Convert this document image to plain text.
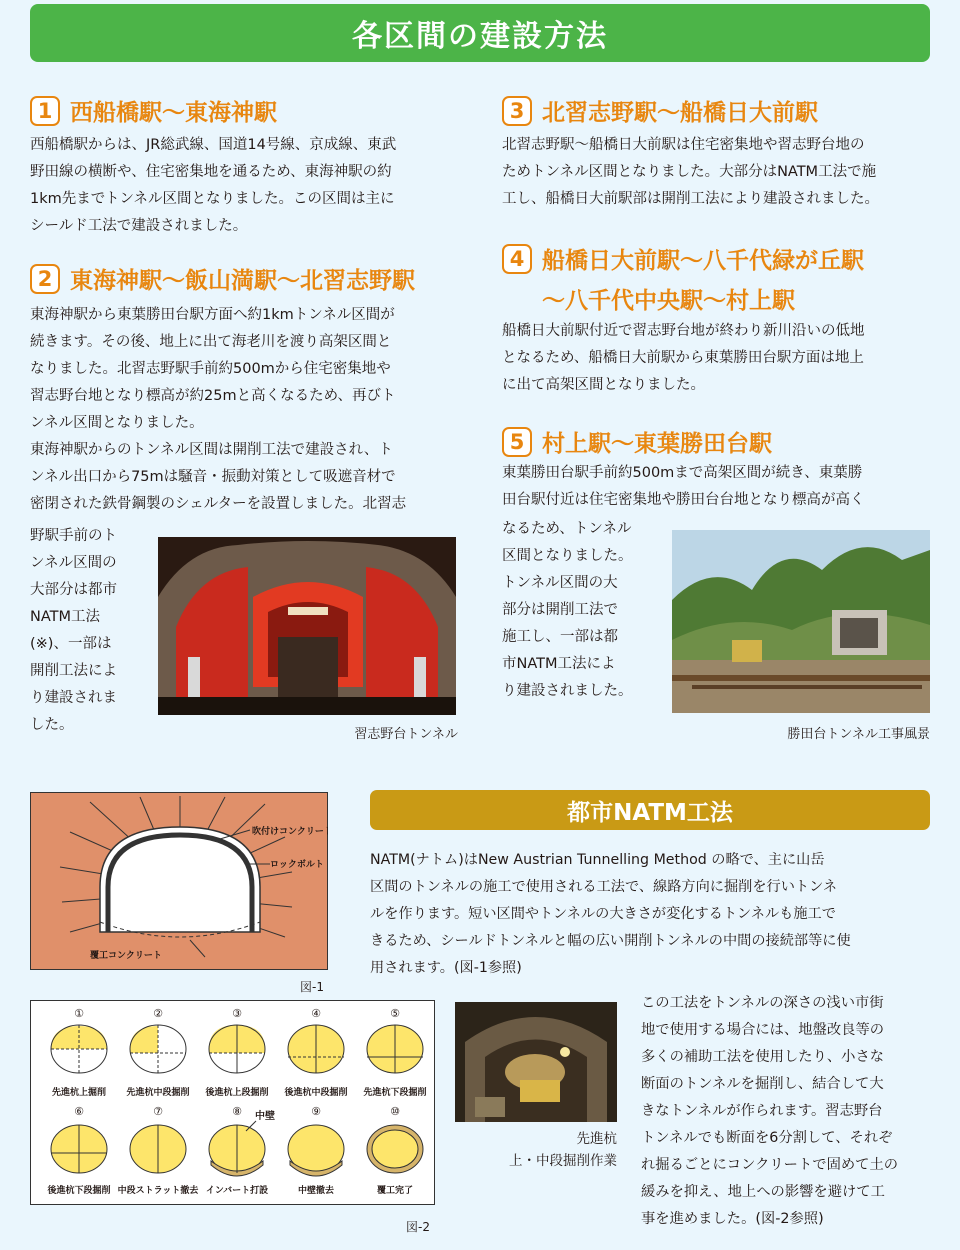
各区間の建設方法
1 西船橋駅〜東海神駅
西船橋駅からは、JR総武線、国道14号線、京成線、東武
野田線の横断や、住宅密集地を通るため、東海神駅の約
1km先までトンネル区間となりました。この区間は主に
シールド工法で建設されました。
2 東海神駅〜飯山満駅〜北習志野駅
東海神駅から東葉勝田台駅方面へ約1kmトンネル区間が
続きます。その後、地上に出て海老川を渡り高架区間と
なりました。北習志野駅手前約500mから住宅密集地や
習志野台地となり標高が約25mと高くなるため、再びト
ンネル区間となりました。
東海神駅からのトンネル区間は開削工法で建設され、ト
ンネル出口から75mは騒音・振動対策として吸遮音材で
密閉された鉄骨鋼製のシェルターを設置しました。北習志
野駅手前のト
ンネル区間の
大部分は都市
NATM工法
(※)、一部は
開削工法によ
り建設されま
した。
習志野台トンネル
3 北習志野駅〜船橋日大前駅
北習志野駅〜船橋日大前駅は住宅密集地や習志野台地の
ためトンネル区間となりました。大部分はNATM工法で施
工し、船橋日大前駅部は開削工法により建設されました。
4 船橋日大前駅〜八千代緑が丘駅
〜八千代中央駅〜村上駅
船橋日大前駅付近で習志野台地が終わり新川沿いの低地
となるため、船橋日大前駅から東葉勝田台駅方面は地上
に出て高架区間となりました。
5 村上駅〜東葉勝田台駅
東葉勝田台駅手前約500mまで高架区間が続き、東葉勝
田台駅付近は住宅密集地や勝田台台地となり標高が高く
なるため、トンネル
区間となりました。
トンネル区間の大
部分は開削工法で
施工し、一部は都
市NATM工法によ
り建設されました。
勝田台トンネル工事風景
吹付けコンクリート
ロックボルト
覆工コンクリート
図-1
①	②	③	④	⑤
先進杭上掘削	先進杭中段掘削	後進杭上段掘削	後進杭中段掘削	先進杭下段掘削
⑥	⑦	⑧	⑨	⑩
中壁
後進杭下段掘削 中段ストラット撤去 インバート打設	中壁撤去	覆工完了
図-2
都市NATM工法
NATM(ナトム)はNew Austrian Tunnelling Method の略で、主に山岳
区間のトンネルの施工で使用される工法で、線路方向に掘削を行いトンネ
ルを作ります。短い区間やトンネルの大きさが変化するトンネルも施工で
きるため、シールドトンネルと幅の広い開削トンネルの中間の接続部等に使
用されます。(図-1参照)
先進杭
上・中段掘削作業
この工法をトンネルの深さの浅い市街
地で使用する場合には、地盤改良等の
多くの補助工法を使用したり、小さな
断面のトンネルを掘削し、結合して大
きなトンネルが作られます。習志野台
トンネルでも断面を6分割して、それぞ
れ掘るごとにコンクリートで固めて土の
緩みを抑え、地上への影響を避けて工
事を進めました。(図-2参照)
